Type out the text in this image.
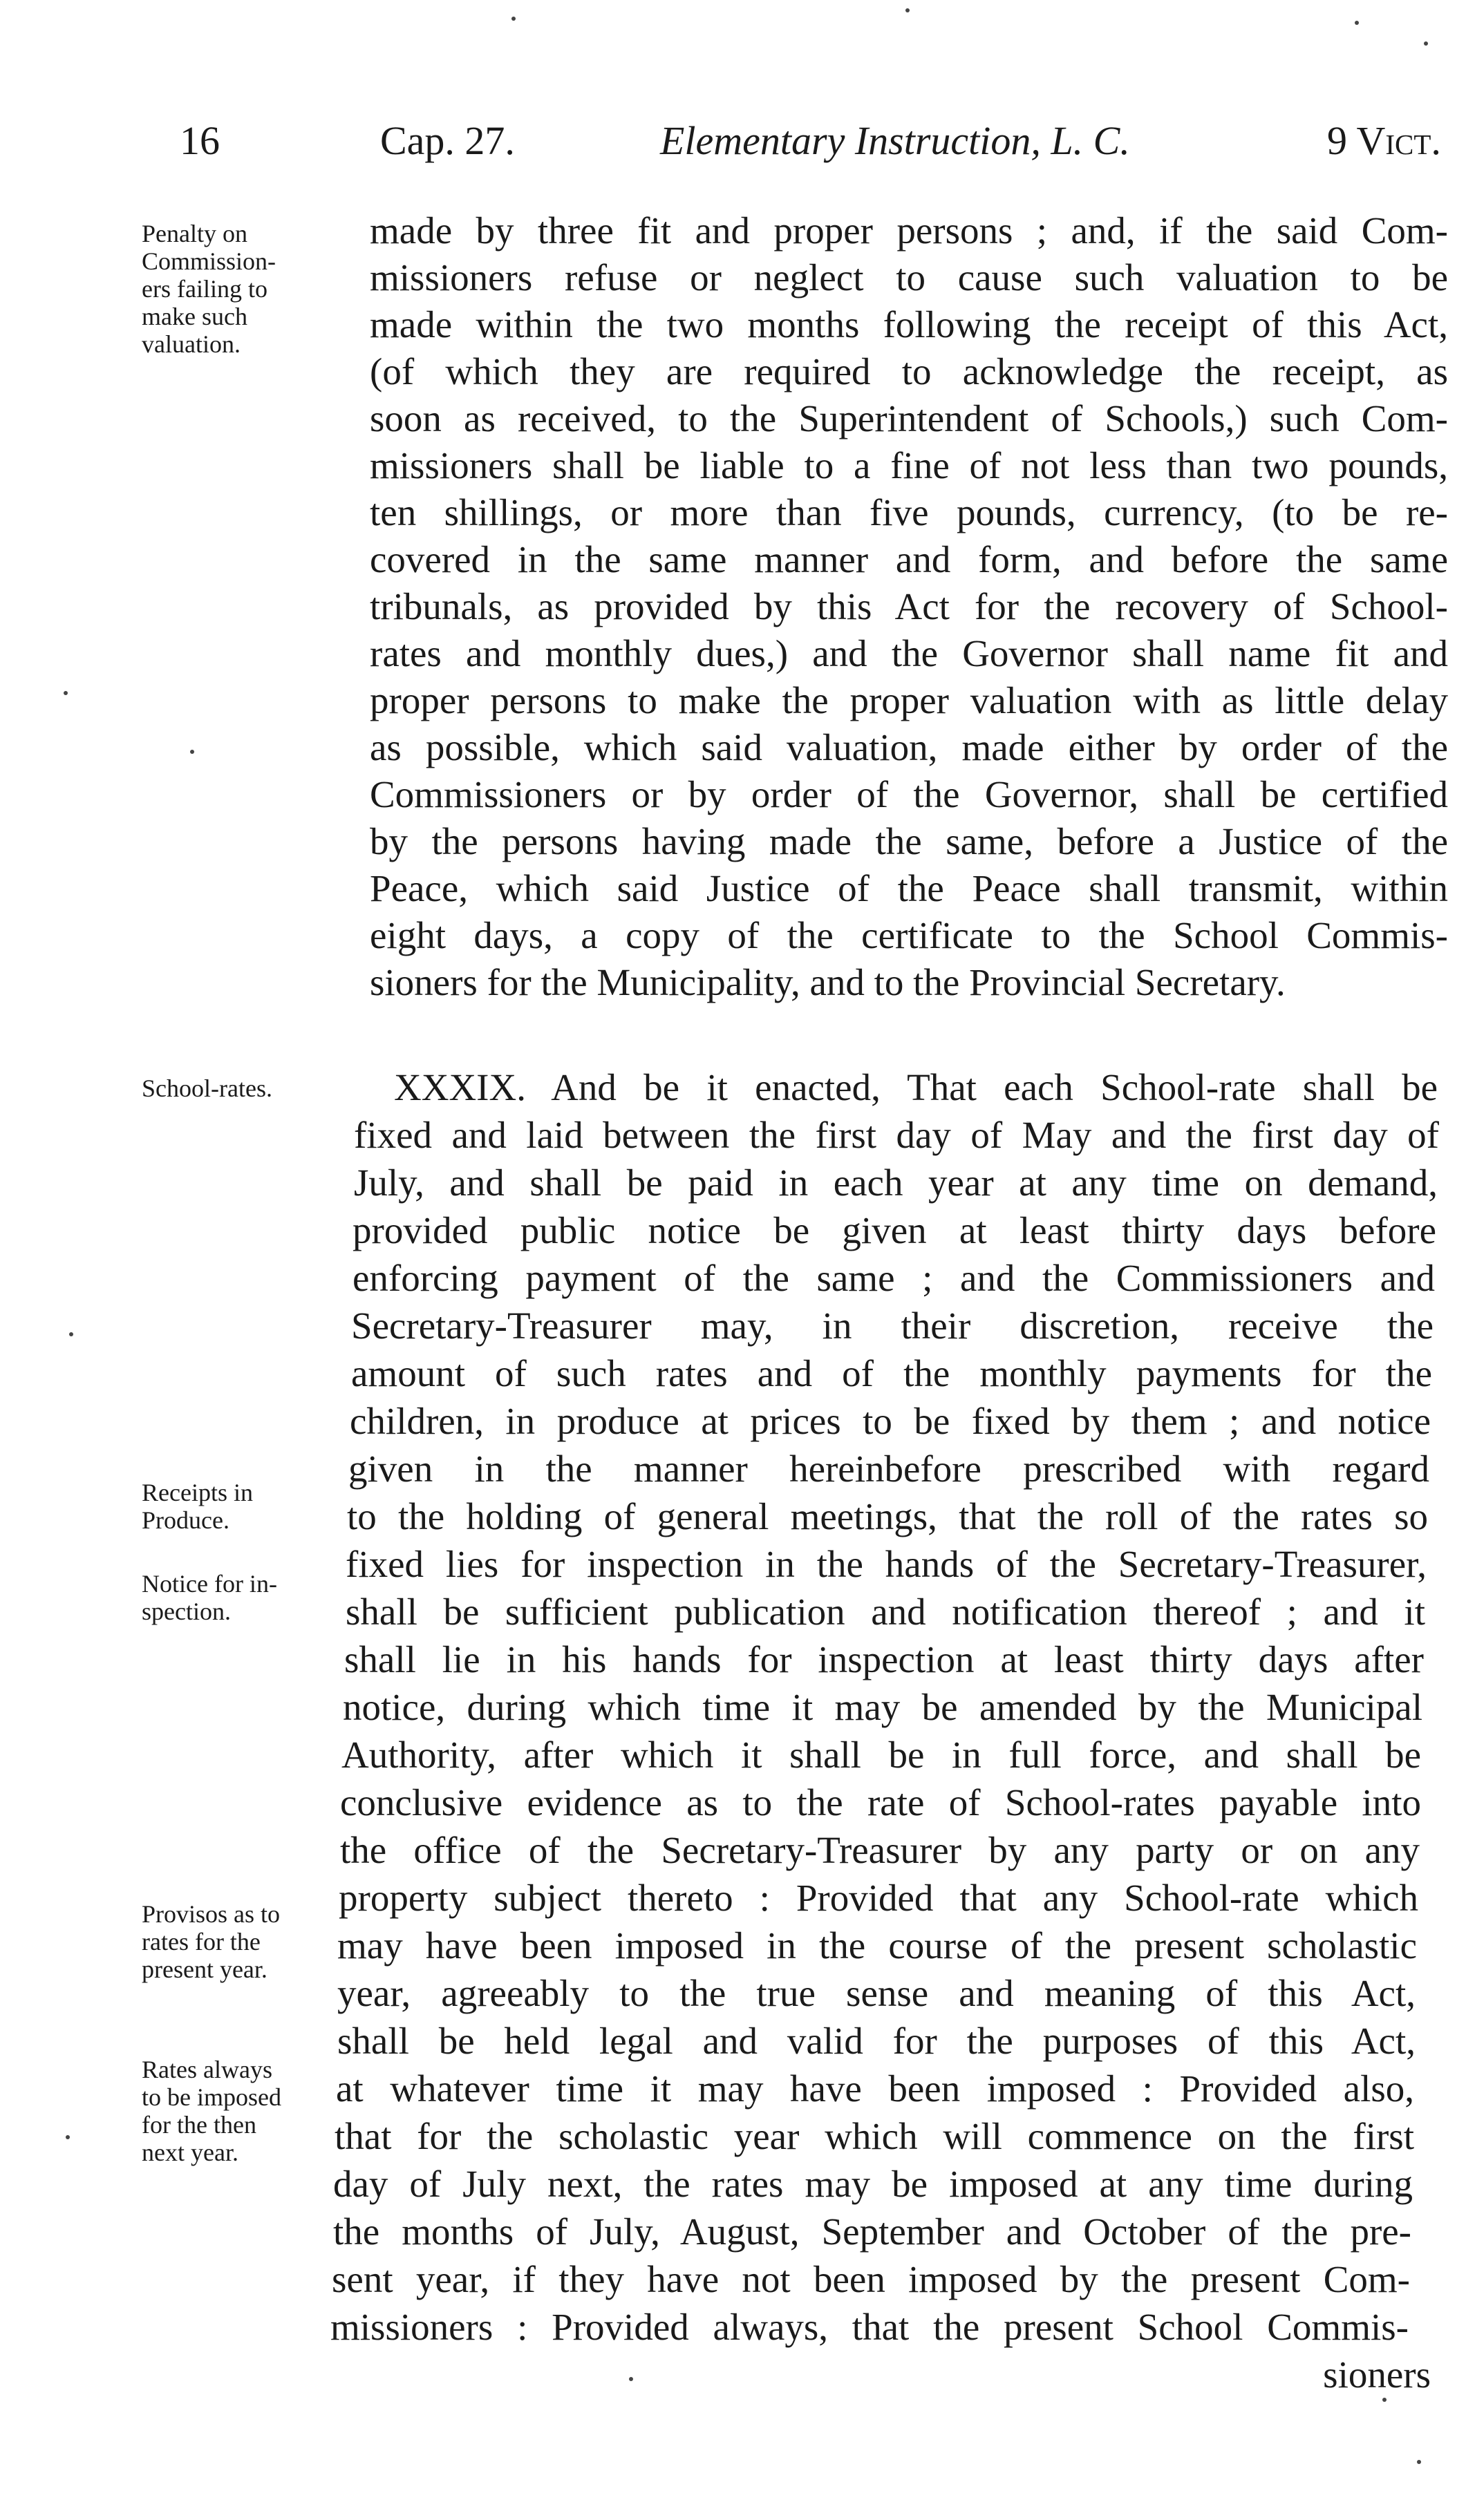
16	Cap. 27.	Elementary Instruction, L. C.	9 Vict.
Penalty on
Commission-
ers failing to
make such
valuation.
School-rates.
Receipts in
Produce.
Notice for in-
spection.
Provisos as to
rates for the
present year.
Rates always
to be imposed
for the then
next year.
made by three fit and proper persons ; and, if the said Com-
missioners refuse or neglect to cause such valuation to be
made within the two months following the receipt of this Act,
(of which they are required to acknowledge the receipt, as
soon as received, to the Superintendent of Schools,) such Com-
missioners shall be liable to a fine of not less than two pounds,
ten shillings, or more than five pounds, currency, (to be re-
covered in the same manner and form, and before the same
tribunals, as provided by this Act for the recovery of School-
rates and monthly dues,) and the Governor shall name fit and
proper persons to make the proper valuation with as little delay
as possible, which said valuation, made either by order of the
Commissioners or by order of the Governor, shall be certified
by the persons having made the same, before a Justice of the
Peace, which said Justice of the Peace shall transmit, within
eight days, a copy of the certificate to the School Commis-
sioners for the Municipality, and to the Provincial Secretary.
XXXIX. And be it enacted, That each School-rate shall be
fixed and laid between the first day of May and the first day of
July, and shall be paid in each year at any time on demand,
provided public notice be given at least thirty days before
enforcing payment of the same ; and the Commissioners and
Secretary-Treasurer may, in their discretion, receive the
amount of such rates and of the monthly payments for the
children, in produce at prices to be fixed by them ; and notice
given in the manner hereinbefore prescribed with regard
to the holding of general meetings, that the roll of the rates so
fixed lies for inspection in the hands of the Secretary-Treasurer,
shall be sufficient publication and notification thereof ; and it
shall lie in his hands for inspection at least thirty days after
notice, during which time it may be amended by the Municipal
Authority, after which it shall be in full force, and shall be
conclusive evidence as to the rate of School-rates payable into
the office of the Secretary-Treasurer by any party or on any
property subject thereto : Provided that any School-rate which
may have been imposed in the course of the present scholastic
year, agreeably to the true sense and meaning of this Act,
shall be held legal and valid for the purposes of this Act,
at whatever time it may have been imposed : Provided also,
that for the scholastic year which will commence on the first
day of July next, the rates may be imposed at any time during
the months of July, August, September and October of the pre-
sent year, if they have not been imposed by the present Com-
missioners : Provided always, that the present School Commis-
sioners
